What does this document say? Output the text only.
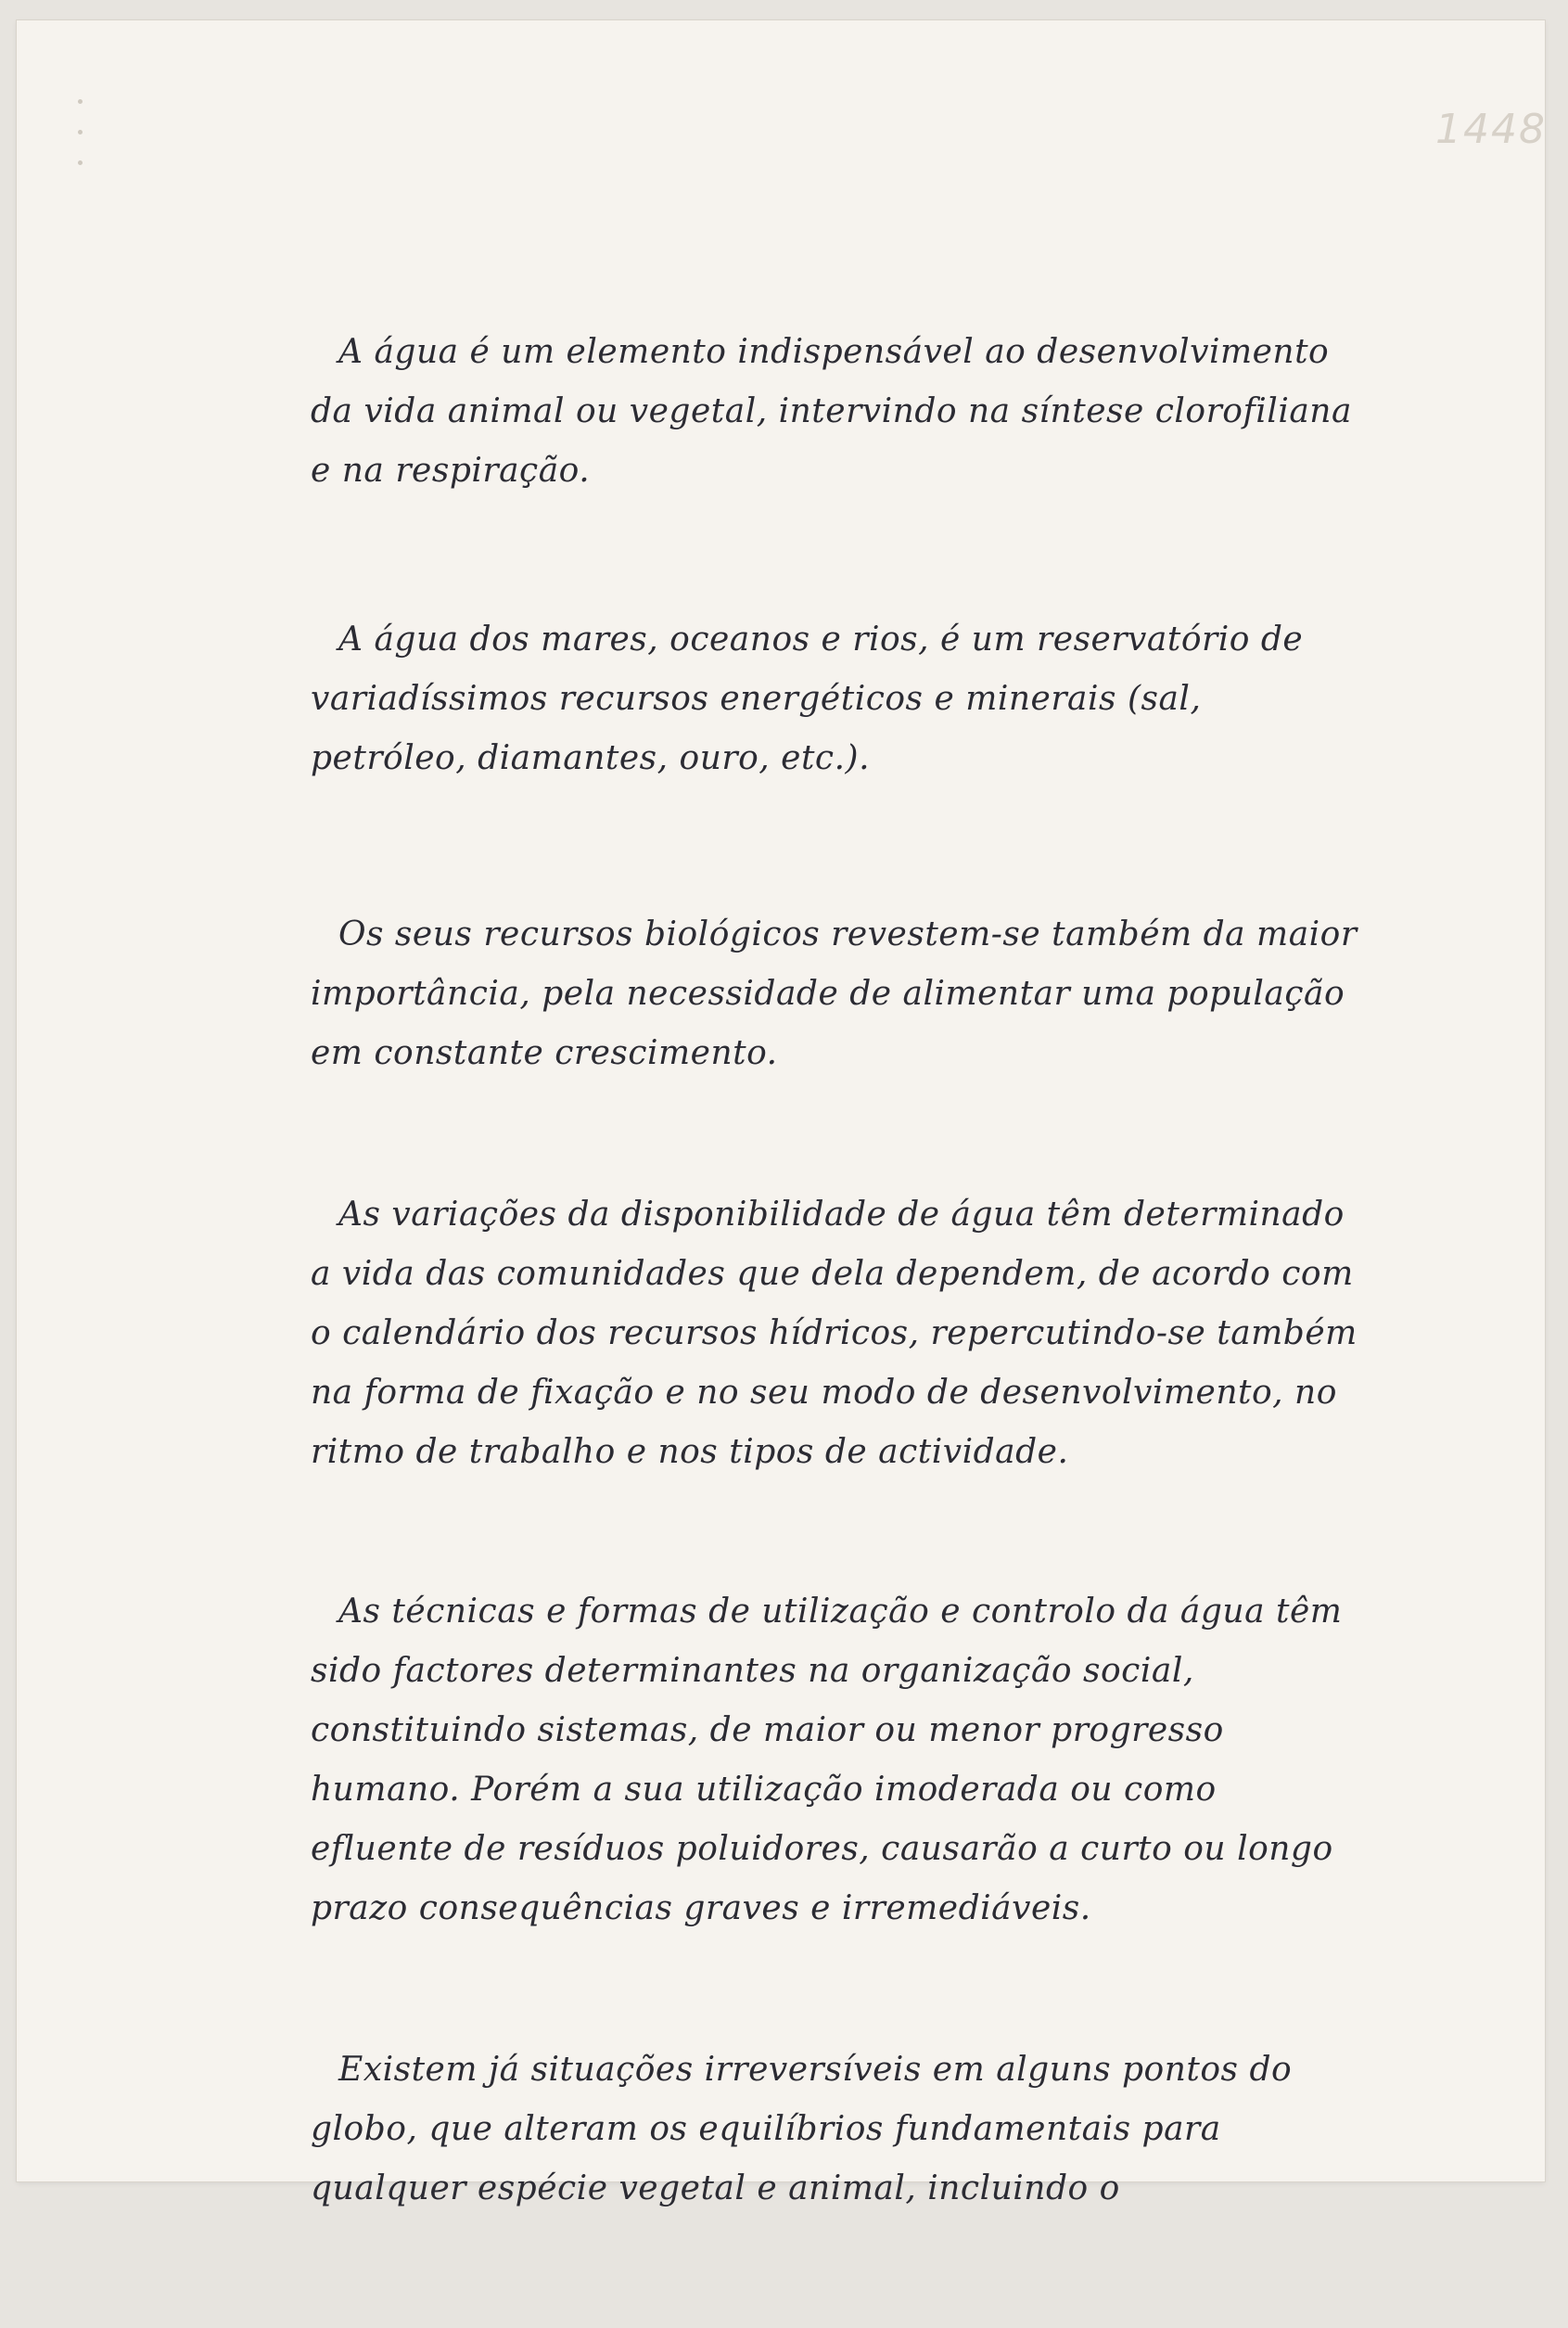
1448

A água é um elemento indispensável ao desenvolvimento da vida animal ou vegetal, intervindo na síntese clorofiliana e na respiração.

A água dos mares, oceanos e rios, é um reservatório de variadíssimos recursos energéticos e minerais (sal, petróleo, diamantes, ouro, etc.).

Os seus recursos biológicos revestem-se também da maior importância, pela necessidade de alimentar uma população em constante crescimento.

As variações da disponibilidade de água têm determinado a vida das comunidades que dela dependem, de acordo com o calendário dos recursos hídricos, repercutindo-se também na forma de fixação e no seu modo de desenvolvimento, no ritmo de trabalho e nos tipos de actividade.

As técnicas e formas de utilização e controlo da água têm sido factores determinantes na organização social, constituindo sistemas, de maior ou menor progresso humano. Porém a sua utilização imoderada ou como efluente de resíduos poluidores, causarão a curto ou longo prazo consequências graves e irremediáveis.

Existem já situações irreversíveis em alguns pontos do globo, que alteram os equilíbrios fundamentais para qualquer espécie vegetal e animal, incluindo o
